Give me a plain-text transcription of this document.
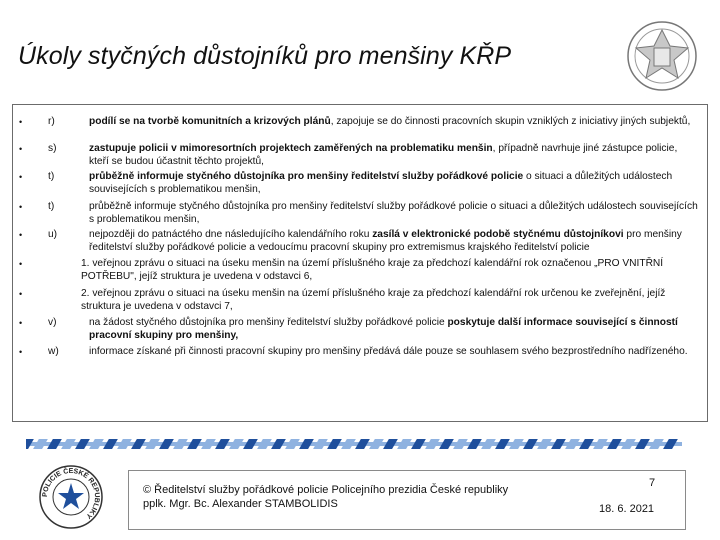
Úkoly styčných důstojníků pro menšiny KŘP
•	r)	podílí se na tvorbě komunitních a krizových plánů, zapojuje se do činnosti pracovních skupin vzniklých z iniciativy jiných subjektů,
•	s)	zastupuje policii v mimoresortních projektech zaměřených na problematiku menšin, případně navrhuje jiné zástupce policie, kteří se budou účastnit těchto projektů,
•	t)	průběžně informuje styčného důstojníka pro menšiny ředitelství služby pořádkové policie o situaci a důležitých událostech souvisejících s problematikou menšin,
•	t)	průběžně informuje styčného důstojníka pro menšiny ředitelství služby pořádkové policie o situaci a důležitých událostech souvisejících s problematikou menšin,
•	u)	nejpozději do patnáctého dne následujícího kalendářního roku zasílá v elektronické podobě styčnému důstojníkovi pro menšiny ředitelství služby pořádkové policie a vedoucímu pracovní skupiny pro extremismus krajského ředitelství policie
•	1. veřejnou zprávu o situaci na úseku menšin na území příslušného kraje za předchozí kalendářní rok označenou „PRO VNITŘNÍ POTŘEBU", jejíž struktura je uvedena v odstavci 6,
•	2. veřejnou zprávu o situaci na úseku menšin na území příslušného kraje za předchozí kalendářní rok určenou ke zveřejnění, jejíž struktura je uvedena v odstavci 7,
•	v)	na žádost styčného důstojníka pro menšiny ředitelství služby pořádkové policie poskytuje další informace související s činností pracovní skupiny pro menšiny,
•	w)	informace získané při činnosti pracovní skupiny pro menšiny předává dále pouze se souhlasem svého bezprostředního nadřízeného.
POLICIE ČESKÉ REPUBLIKY
© Ředitelství služby pořádkové policie Policejního prezidia České republiky
pplk. Mgr. Bc. Alexander STAMBOLIDIS
7
18. 6. 2021
